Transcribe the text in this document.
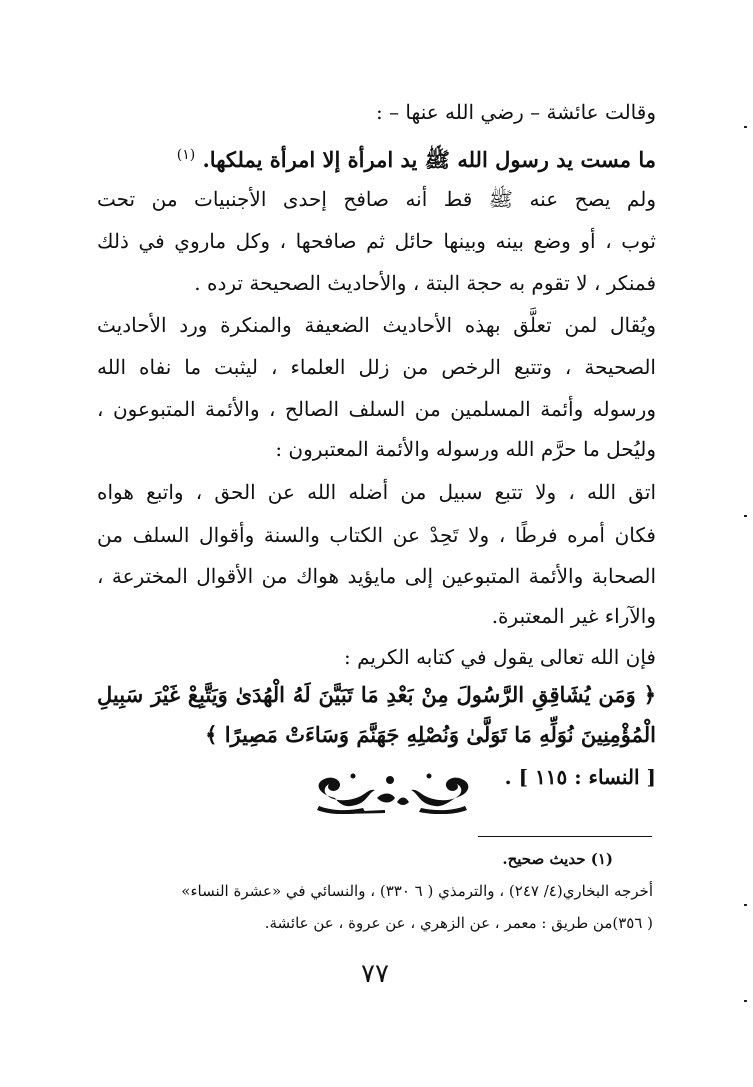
وقالت عائشة – رضي الله عنها – :
ما مست يد رسول الله ﷺ يد امرأة إلا امرأة يملكها. $^{(١)}$
ولم يصح عنه ﷺ قط أنه صافح إحدى الأجنبيات من تحت
ثوب ، أو وضع بينه وبينها حائل ثم صافحها ، وكل ماروي في ذلك
فمنكر ، لا تقوم به حجة البتة ، والأحاديث الصحيحة ترده .
ويُقال لمن تعلَّق بهذه الأحاديث الضعيفة والمنكرة ورد الأحاديث
الصحيحة ، وتتبع الرخص من زلل العلماء ، ليثبت ما نفاه الله
ورسوله وأئمة المسلمين من السلف الصالح ، والأئمة المتبوعون ،
وليُحل ما حرَّم الله ورسوله والأئمة المعتبرون :
اتق الله ، ولا تتبع سبيل من أضله الله عن الحق ، واتبع هواه
فكان أمره فرطًا ، ولا تَحِدْ عن الكتاب والسنة وأقوال السلف من
الصحابة والأئمة المتبوعين إلى مايؤيد هواك من الأقوال المخترعة ،
والآراء غير المعتبرة.
فإن الله تعالى يقول في كتابه الكريم :
﴿ وَمَن يُشَاقِقِ الرَّسُولَ مِنْ بَعْدِ مَا تَبَيَّنَ لَهُ الْهُدَىٰ وَيَتَّبِعْ غَيْرَ سَبِيلِ
الْمُؤْمِنِينَ نُوَلِّهِ مَا تَوَلَّىٰ وَنُصْلِهِ جَهَنَّمَ وَسَاءَتْ مَصِيرًا ﴾
[ النساء : ١١٥ ] .
(١) حديث صحيح.
أخرجه البخاري(٤/ ٢٤٧) ، والترمذي ( ٦ ٣٣٠) ، والنسائي في «عشرة النساء»
( ٣٥٦)من طريق : معمر ، عن الزهري ، عن عروة ، عن عائشة.
٧٧
